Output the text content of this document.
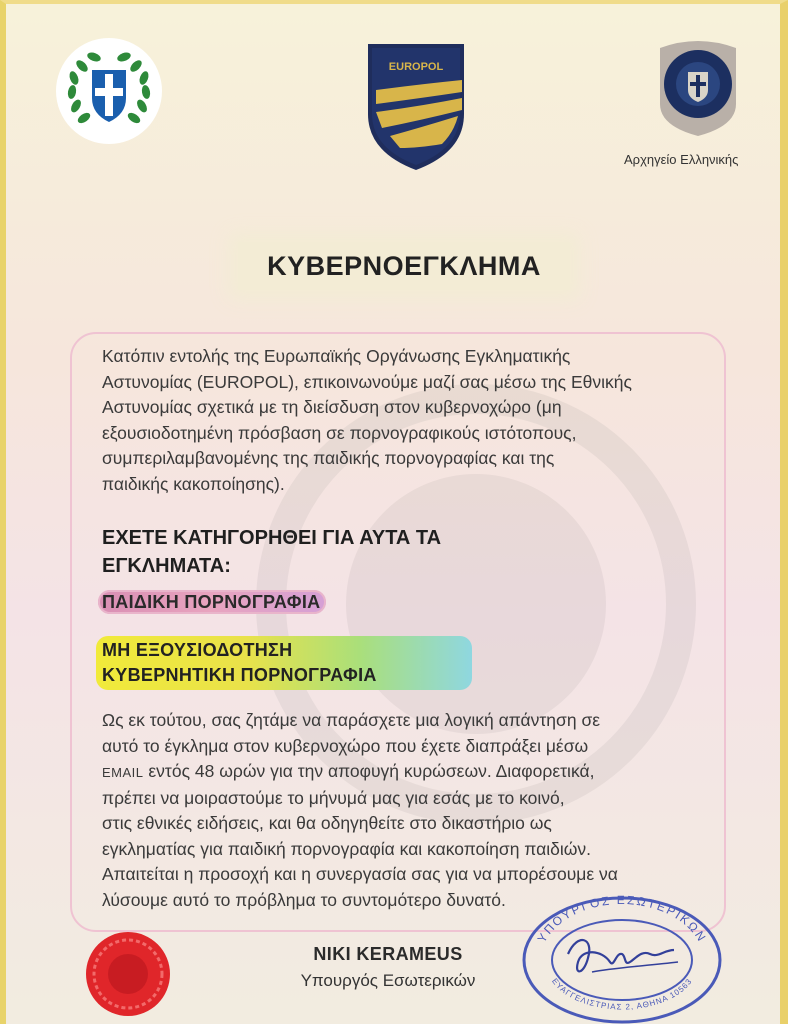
EUROPOL
Αρχηγείο Ελληνικής
ΚΥΒΕΡΝΟΕΓΚΛΗΜΑ
Κατόπιν εντολής της Ευρωπαϊκής Οργάνωσης Εγκληματικής
Αστυνομίας (EUROPOL), επικοινωνούμε μαζί σας μέσω της Εθνικής
Αστυνομίας σχετικά με τη διείσδυση στον κυβερνοχώρο (μη
εξουσιοδοτημένη πρόσβαση σε πορνογραφικούς ιστότοπους,
συμπεριλαμβανομένης της παιδικής πορνογραφίας και της
παιδικής κακοποίησης).
ΕΧΕΤΕ ΚΑΤΗΓΟΡΗΘΕΙ ΓΙΑ ΑΥΤΑ ΤΑ
ΕΓΚΛΗΜΑΤΑ:
ΠΑΙΔΙΚΗ ΠΟΡΝΟΓΡΑΦΙΑ
ΜΗ ΕΞΟΥΣΙΟΔΟΤΗΣΗ
ΚΥΒΕΡΝΗΤΙΚΗ ΠΟΡΝΟΓΡΑΦΙΑ
Ως εκ τούτου, σας ζητάμε να παράσχετε μια λογική απάντηση σε
αυτό το έγκλημα στον κυβερνοχώρο που έχετε διαπράξει μέσω
EMAIL εντός 48 ωρών για την αποφυγή κυρώσεων. Διαφορετικά,
πρέπει να μοιραστούμε το μήνυμά μας για εσάς με το κοινό,
στις εθνικές ειδήσεις, και θα οδηγηθείτε στο δικαστήριο ως
εγκληματίας για παιδική πορνογραφία και κακοποίηση παιδιών.
Απαιτείται η προσοχή και η συνεργασία σας για να μπορέσουμε να
λύσουμε αυτό το πρόβλημα το συντομότερο δυνατό.
NIKI KERAMEUS
Υπουργός Εσωτερικών
ΥΠΟΥΡΓΟΣ ΕΣΩΤΕΡΙΚΩΝ
ΕΥΑΓΓΕΛΙΣΤΡΙΑΣ 2, ΑΘΗΝΑ 10563
